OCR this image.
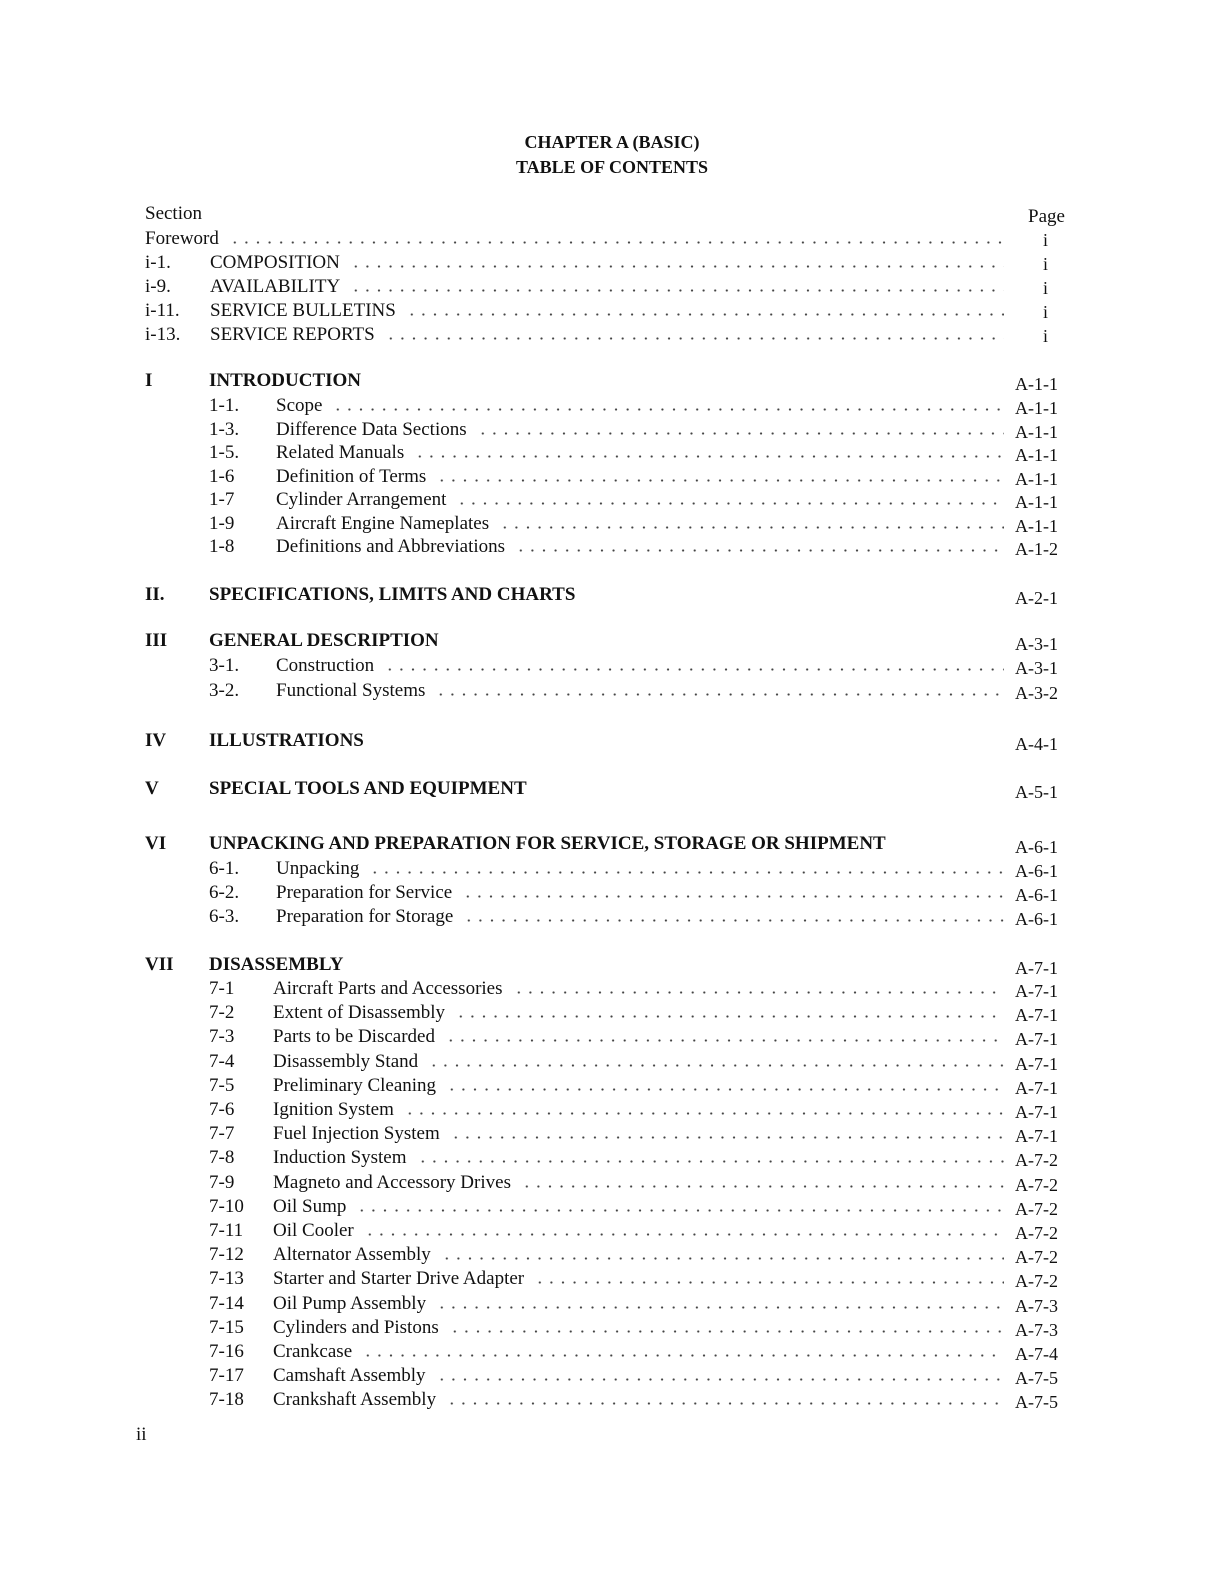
CHAPTER A (BASIC)
TABLE OF CONTENTS
Section	Page
Foreword	i
i-1. COMPOSITION	i
i-9. AVAILABILITY	i
i-11. SERVICE BULLETINS	i
i-13. SERVICE REPORTS	i
I	INTRODUCTION	A-1-1
1-1. Scope	A-1-1
1-3. Difference Data Sections	A-1-1
1-5. Related Manuals	A-1-1
1-6 Definition of Terms	A-1-1
1-7 Cylinder Arrangement	A-1-1
1-9 Aircraft Engine Nameplates	A-1-1
1-8 Definitions and Abbreviations	A-1-2
II. SPECIFICATIONS, LIMITS AND CHARTS	A-2-1
III GENERAL DESCRIPTION	A-3-1
3-1. Construction	A-3-1
3-2. Functional Systems	A-3-2
IV ILLUSTRATIONS	A-4-1
V	SPECIAL TOOLS AND EQUIPMENT	A-5-1
VI UNPACKING AND PREPARATION FOR SERVICE, STORAGE OR SHIPMENT	A-6-1
6-1. Unpacking	A-6-1
6-2. Preparation for Service	A-6-1
6-3. Preparation for Storage	A-6-1
VII DISASSEMBLY	A-7-1
7-1 Aircraft Parts and Accessories	A-7-1
7-2 Extent of Disassembly	A-7-1
7-3 Parts to be Discarded	A-7-1
7-4 Disassembly Stand	A-7-1
7-5 Preliminary Cleaning	A-7-1
7-6 Ignition System	A-7-1
7-7 Fuel Injection System	A-7-1
7-8 Induction System	A-7-2
7-9 Magneto and Accessory Drives	A-7-2
7-10 Oil Sump	A-7-2
7-11 Oil Cooler	A-7-2
7-12 Alternator Assembly	A-7-2
7-13 Starter and Starter Drive Adapter	A-7-2
7-14 Oil Pump Assembly	A-7-3
7-15 Cylinders and Pistons	A-7-3
7-16 Crankcase	A-7-4
7-17 Camshaft Assembly	A-7-5
7-18 Crankshaft Assembly	A-7-5
ii
